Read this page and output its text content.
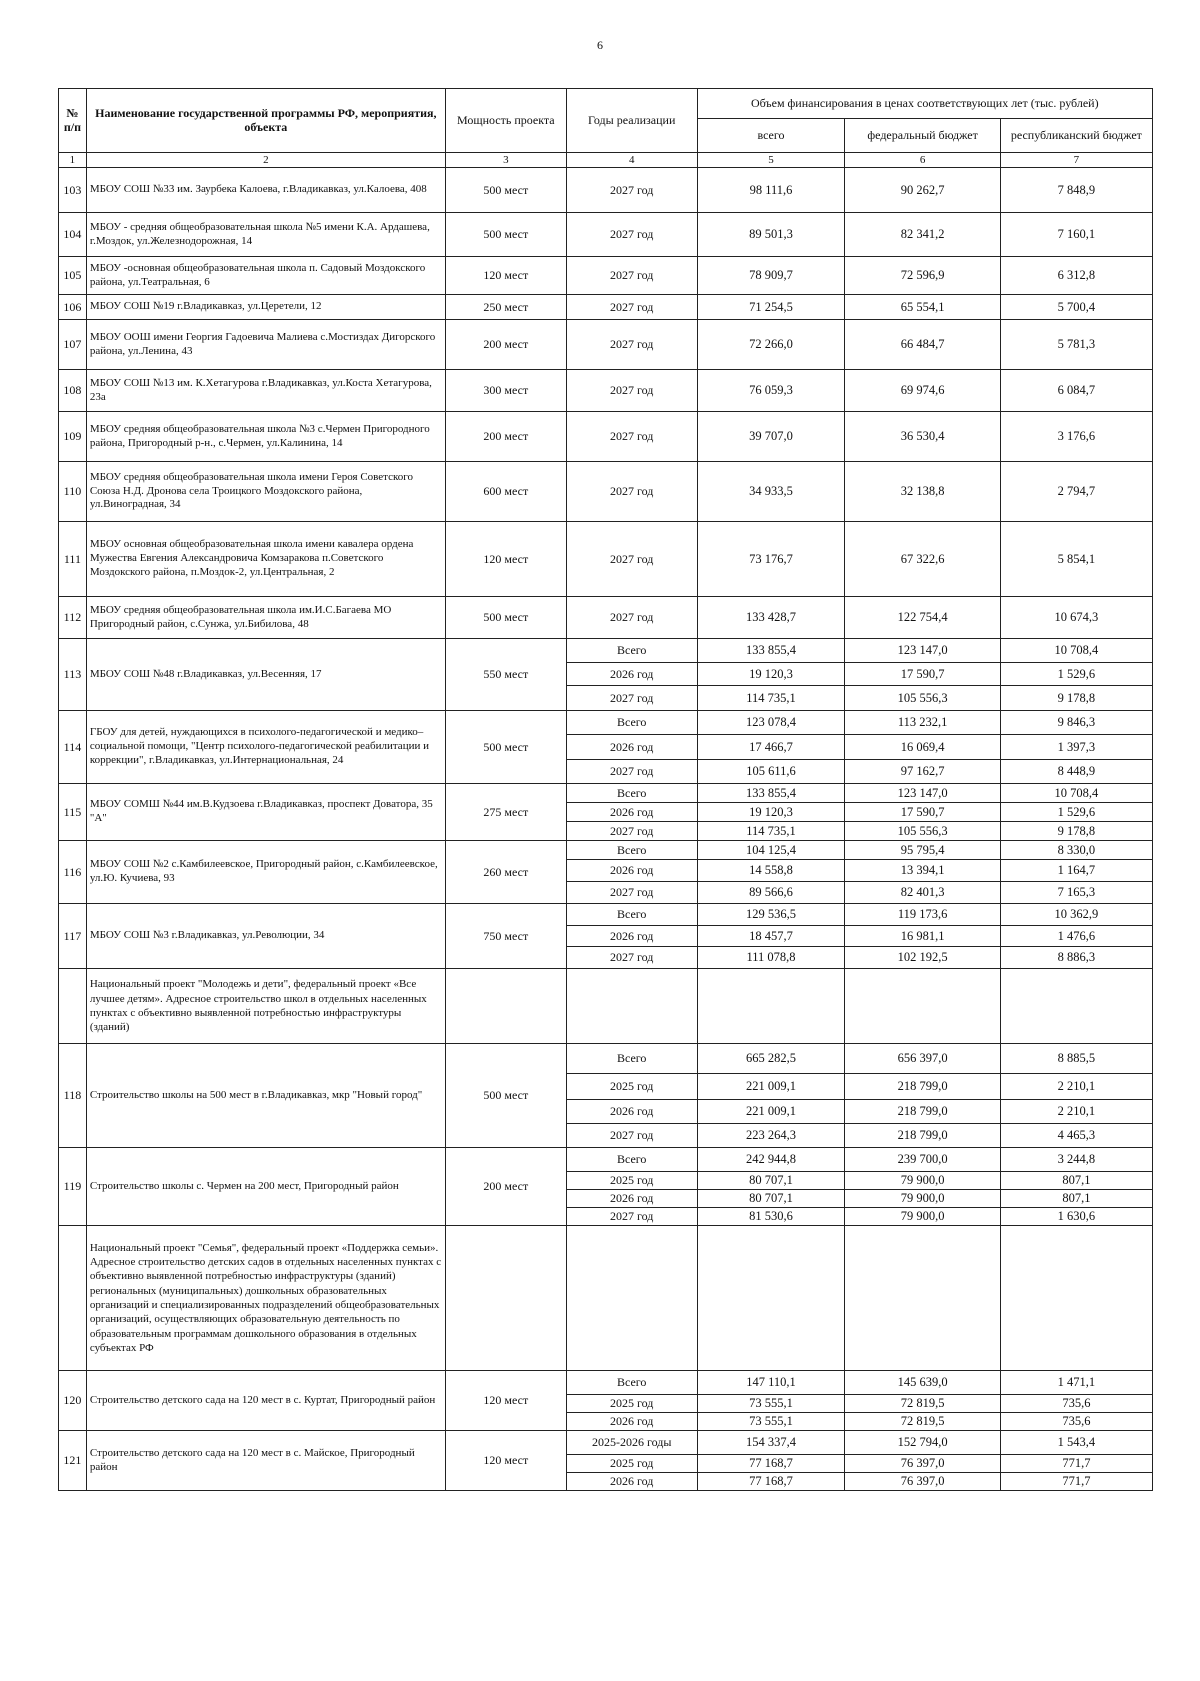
6
№ п/п	Наименование государственной программы РФ, мероприятия, объекта	Мощность проекта	Годы реализации	Объем финансирования в ценах соответствующих лет (тыс. рублей)		
				всего	федеральный бюджет	республиканский бюджет
1	2	3	4	5	6	7
103	МБОУ СОШ №33 им. Заурбека Калоева, г.Владикавказ, ул.Калоева, 408	500 мест	2027 год	98 111,6	90 262,7	7 848,9
104	МБОУ - средняя общеобразовательная школа №5 имени К.А. Ардашева, г.Моздок, ул.Железнодорожная, 14	500 мест	2027 год	89 501,3	82 341,2	7 160,1
105	МБОУ -основная общеобразовательная школа п. Садовый Моздокского района, ул.Театральная, 6	120 мест	2027 год	78 909,7	72 596,9	6 312,8
106	МБОУ СОШ №19 г.Владикавказ, ул.Церетели, 12	250 мест	2027 год	71 254,5	65 554,1	5 700,4
107	МБОУ ООШ имени Георгия Гадоевича Малиева с.Мостиздах Дигорского района, ул.Ленина, 43	200 мест	2027 год	72 266,0	66 484,7	5 781,3
108	МБОУ СОШ №13 им. К.Хетагурова г.Владикавказ, ул.Коста Хетагурова, 23а	300 мест	2027 год	76 059,3	69 974,6	6 084,7
109	МБОУ средняя общеобразовательная школа №3 с.Чермен Пригородного района, Пригородный р-н., с.Чермен, ул.Калинина, 14	200 мест	2027 год	39 707,0	36 530,4	3 176,6
110	МБОУ средняя общеобразовательная школа имени Героя Советского Союза Н.Д. Дронова села Троицкого Моздокского района, ул.Виноградная, 34	600 мест	2027 год	34 933,5	32 138,8	2 794,7
111	МБОУ основная общеобразовательная школа имени кавалера ордена Мужества Евгения Александровича Комзаракова п.Советского Моздокского района, п.Моздок-2, ул.Центральная, 2	120 мест	2027 год	73 176,7	67 322,6	5 854,1
112	МБОУ средняя общеобразовательная школа им.И.С.Багаева МО Пригородный район, с.Сунжа, ул.Бибилова, 48	500 мест	2027 год	133 428,7	122 754,4	10 674,3
113	МБОУ СОШ №48 г.Владикавказ, ул.Весенняя, 17	550 мест	Всего	133 855,4	123 147,0	10 708,4
			2026 год	19 120,3	17 590,7	1 529,6
			2027 год	114 735,1	105 556,3	9 178,8
114	ГБОУ для детей, нуждающихся в психолого-педагогической и медико–социальной помощи, "Центр психолого-педагогической реабилитации и коррекции", г.Владикавказ, ул.Интернациональная, 24	500 мест	Всего	123 078,4	113 232,1	9 846,3
			2026 год	17 466,7	16 069,4	1 397,3
			2027 год	105 611,6	97 162,7	8 448,9
115	МБОУ СОМШ №44 им.В.Кудзоева г.Владикавказ, проспект Доватора, 35 "А"	275 мест	Всего	133 855,4	123 147,0	10 708,4
			2026 год	19 120,3	17 590,7	1 529,6
			2027 год	114 735,1	105 556,3	9 178,8
116	МБОУ СОШ №2 с.Камбилеевское, Пригородный район, с.Камбилеевское, ул.Ю. Кучиева, 93	260 мест	Всего	104 125,4	95 795,4	8 330,0
			2026 год	14 558,8	13 394,1	1 164,7
			2027 год	89 566,6	82 401,3	7 165,3
117	МБОУ СОШ №3 г.Владикавказ, ул.Революции, 34	750 мест	Всего	129 536,5	119 173,6	10 362,9
			2026 год	18 457,7	16 981,1	1 476,6
			2027 год	111 078,8	102 192,5	8 886,3
	Национальный проект "Молодежь и дети", федеральный проект «Все лучшее детям». Адресное строительство школ в отдельных населенных пунктах с объективно выявленной потребностью инфраструктуры (зданий)					
118	Строительство школы на 500 мест в г.Владикавказ, мкр "Новый город"	500 мест	Всего	665 282,5	656 397,0	8 885,5
			2025 год	221 009,1	218 799,0	2 210,1
			2026 год	221 009,1	218 799,0	2 210,1
			2027 год	223 264,3	218 799,0	4 465,3
119	Строительство школы с. Чермен на 200 мест, Пригородный район	200 мест	Всего	242 944,8	239 700,0	3 244,8
			2025 год	80 707,1	79 900,0	807,1
			2026 год	80 707,1	79 900,0	807,1
			2027 год	81 530,6	79 900,0	1 630,6
	Национальный проект "Семья", федеральный проект «Поддержка семьи». Адресное строительство детских садов в отдельных населенных пунктах с объективно выявленной потребностью инфраструктуры (зданий) региональных (муниципальных) дошкольных образовательных организаций и специализированных подразделений общеобразовательных организаций, осуществляющих образовательную деятельность по образовательным программам дошкольного образования в отдельных субъектах РФ					
120	Строительство детского сада на 120 мест в с. Куртат, Пригородный район	120 мест	Всего	147 110,1	145 639,0	1 471,1
			2025 год	73 555,1	72 819,5	735,6
			2026 год	73 555,1	72 819,5	735,6
121	Строительство детского сада на 120 мест в с. Майское, Пригородный район	120 мест	2025-2026 годы	154 337,4	152 794,0	1 543,4
			2025 год	77 168,7	76 397,0	771,7
			2026 год	77 168,7	76 397,0	771,7
